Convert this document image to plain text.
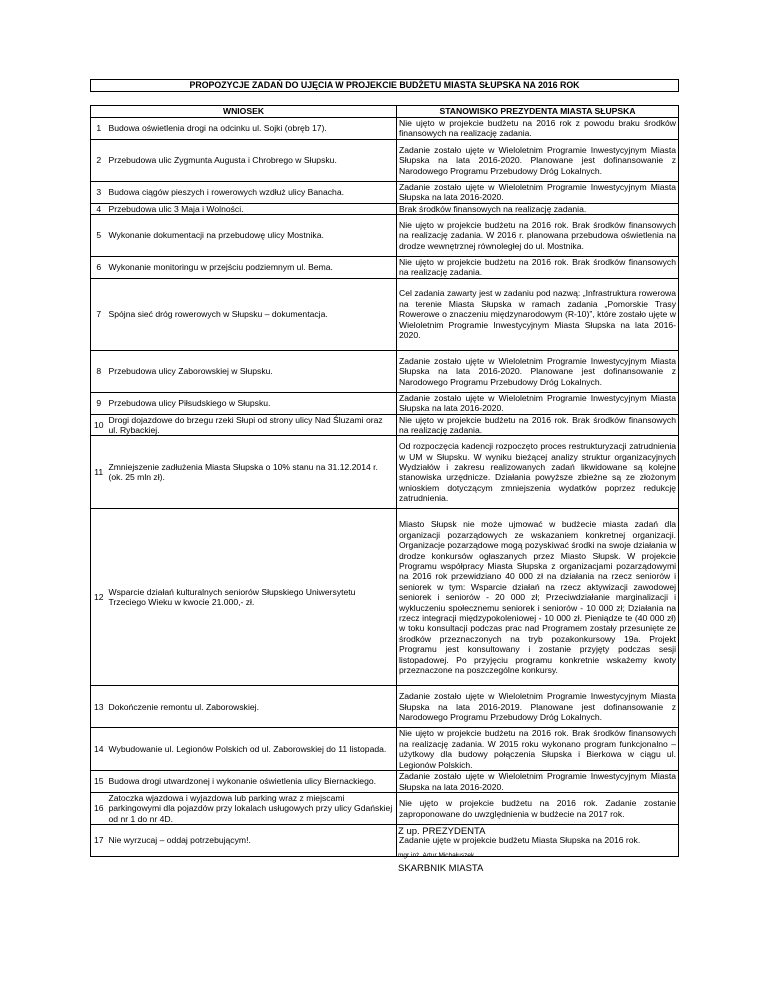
PROPOZYCJE ZADAŃ DO UJĘCIA W PROJEKCIE BUDŻETU MIASTA SŁUPSKA NA 2016 ROK		

WNIOSEK		STANOWISKO PREZYDENTA MIASTA SŁUPSKA
1	Budowa oświetlenia drogi na odcinku ul. Sojki (obręb 17).	Nie ujęto w projekcie budżetu na 2016 rok z powodu braku środków finansowych na realizację zadania.
2	Przebudowa ulic Zygmunta Augusta i Chrobrego w Słupsku.	Zadanie zostało ujęte w Wieloletnim Programie Inwestycyjnym Miasta Słupska na lata 2016-2020. Planowane jest dofinansowanie z Narodowego Programu Przebudowy Dróg Lokalnych.
3	Budowa ciągów pieszych i rowerowych wzdłuż ulicy Banacha.	Zadanie zostało ujęte w Wieloletnim Programie Inwestycyjnym Miasta Słupska na lata 2016-2020.
4	Przebudowa ulic 3 Maja i Wolności.	Brak środków finansowych na realizację zadania.
5	Wykonanie dokumentacji na przebudowę ulicy Mostnika.	Nie ujęto w projekcie budżetu na 2016 rok. Brak środków finansowych na realizację zadania. W 2016 r. planowana przebudowa oświetlenia na drodze wewnętrznej równoległej do ul. Mostnika.
6	Wykonanie monitoringu w przejściu podziemnym ul. Bema.	Nie ujęto w projekcie budżetu na 2016 rok. Brak środków finansowych na realizację zadania.
7	Spójna sieć dróg rowerowych w Słupsku – dokumentacja.	Cel zadania zawarty jest w zadaniu pod nazwą: „Infrastruktura rowerowa na terenie Miasta Słupska w ramach zadania „Pomorskie Trasy Rowerowe o znaczeniu międzynarodowym (R-10)”, które zostało ujęte w Wieloletnim Programie Inwestycyjnym Miasta Słupska na lata 2016-2020.
8	Przebudowa ulicy Zaborowskiej w Słupsku.	Zadanie zostało ujęte w Wieloletnim Programie Inwestycyjnym Miasta Słupska na lata 2016-2020. Planowane jest dofinansowanie z Narodowego Programu Przebudowy Dróg Lokalnych.
9	Przebudowa ulicy Piłsudskiego w Słupsku.	Zadanie zostało ujęte w Wieloletnim Programie Inwestycyjnym Miasta Słupska na lata 2016-2020.
10	Drogi dojazdowe do brzegu rzeki Słupi od strony ulicy Nad Śluzami oraz ul. Rybackiej.	Nie ujęto w projekcie budżetu na 2016 rok. Brak środków finansowych na realizację zadania.
11	Zmniejszenie zadłużenia Miasta Słupska o 10% stanu na 31.12.2014 r. (ok. 25 mln zł).	Od rozpoczęcia kadencji rozpoczęto proces restrukturyzacji zatrudnienia w UM w Słupsku. W wyniku bieżącej analizy struktur organizacyjnych Wydziałów i zakresu realizowanych zadań likwidowane są kolejne stanowiska urzędnicze. Działania powyższe zbieżne są ze złożonym wnioskiem dotyczącym zmniejszenia wydatków poprzez redukcję zatrudnienia.
12	Wsparcie działań kulturalnych seniorów Słupskiego Uniwersytetu Trzeciego Wieku w kwocie 21.000,- zł.	Miasto Słupsk nie może ujmować w budżecie miasta zadań dla organizacji pozarządowych ze wskazaniem konkretnej organizacji. Organizacje pozarządowe mogą pozyskiwać środki na swoje działania w drodze konkursów ogłaszanych przez Miasto Słupsk. W projekcie Programu współpracy Miasta Słupska z organizacjami pozarządowymi na 2016 rok przewidziano 40 000 zł na działania na rzecz seniorów i seniorek w tym: Wsparcie działań na rzecz aktywizacji zawodowej seniorek i seniorów - 20 000 zł; Przeciwdziałanie marginalizacji i wykluczeniu społecznemu seniorek i seniorów - 10 000 zł; Działania na rzecz integracji międzypokoleniowej - 10 000 zł. Pieniądze te (40 000 zł) w toku konsultacji podczas prac nad Programem zostały przesunięte ze środków przeznaczonych na tryb pozakonkursowy 19a. Projekt Programu jest konsultowany i zostanie przyjęty podczas sesji listopadowej. Po przyjęciu programu konkretnie wskażemy kwoty przeznaczone na poszczególne konkursy.
13	Dokończenie remontu ul. Zaborowskiej.	Zadanie zostało ujęte w Wieloletnim Programie Inwestycyjnym Miasta Słupska na lata 2016-2019. Planowane jest dofinansowanie z Narodowego Programu Przebudowy Dróg Lokalnych.
14	Wybudowanie ul. Legionów Polskich od ul. Zaborowskiej do 11 listopada.	Nie ujęto w projekcie budżetu na 2016 rok. Brak środków finansowych na realizację zadania. W 2015 roku wykonano program funkcjonalno – użytkowy dla budowy połączenia Słupska i Bierkowa w ciągu ul. Legionów Polskich.
15	Budowa drogi utwardzonej i wykonanie oświetlenia ulicy Biernackiego.	Zadanie zostało ujęte w Wieloletnim Programie Inwestycyjnym Miasta Słupska na lata 2016-2020.
16	Zatoczka wjazdowa i wyjazdowa lub parking wraz z miejscami parkingowymi dla pojazdów przy lokalach usługowych przy ulicy Gdańskiej od nr 1 do nr 4D.	Nie ujęto w projekcie budżetu na 2016 rok. Zadanie zostanie zaproponowane do uwzględnienia w budżecie na 2017 rok.
17	Nie wyrzucaj – oddaj potrzebującym!.	Zadanie ujęte w projekcie budżetu Miasta Słupska na 2016 rok.
Z up. PREZYDENTA
mgr inż. Artur Michałuszek
SKARBNIK MIASTA
